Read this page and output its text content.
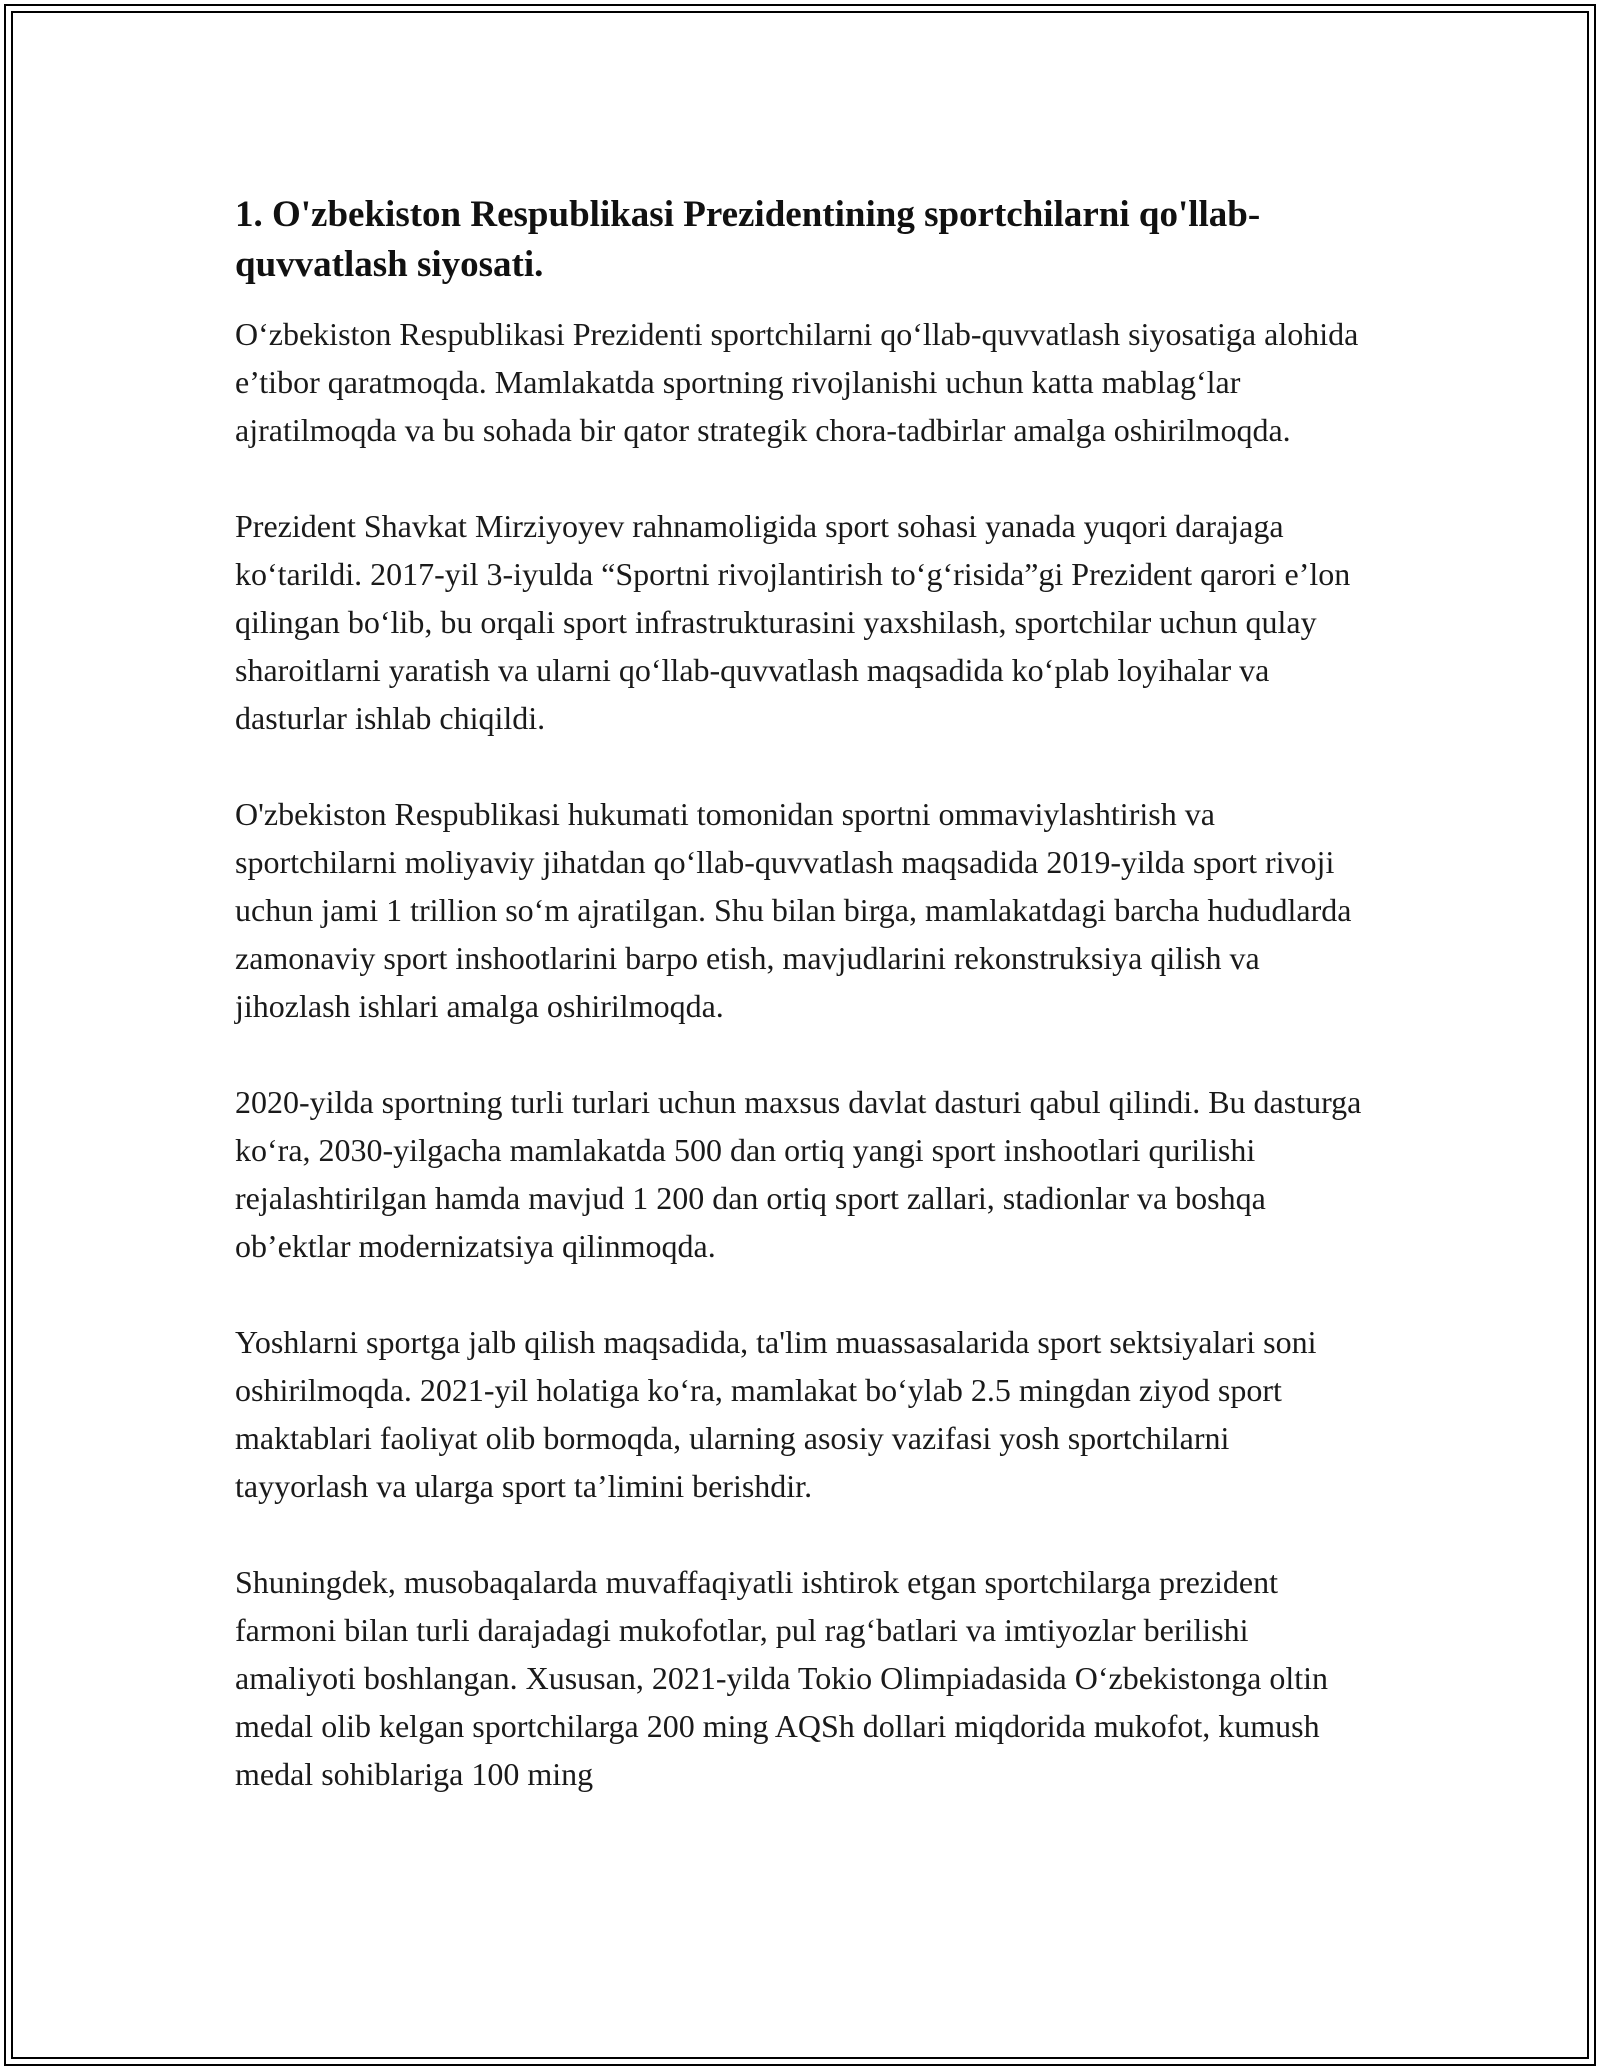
1. O'zbekiston Respublikasi Prezidentining sportchilarni qo'llab-quvvatlash siyosati.

O‘zbekiston Respublikasi Prezidenti sportchilarni qo‘llab-quvvatlash siyosatiga alohida e’tibor qaratmoqda. Mamlakatda sportning rivojlanishi uchun katta mablag‘lar ajratilmoqda va bu sohada bir qator strategik chora-tadbirlar amalga oshirilmoqda.

Prezident Shavkat Mirziyoyev rahnamoligida sport sohasi yanada yuqori darajaga ko‘tarildi. 2017-yil 3-iyulda “Sportni rivojlantirish to‘g‘risida”gi Prezident qarori e’lon qilingan bo‘lib, bu orqali sport infrastrukturasini yaxshilash, sportchilar uchun qulay sharoitlarni yaratish va ularni qo‘llab-quvvatlash maqsadida ko‘plab loyihalar va dasturlar ishlab chiqildi.

O'zbekiston Respublikasi hukumati tomonidan sportni ommaviylashtirish va sportchilarni moliyaviy jihatdan qo‘llab-quvvatlash maqsadida 2019-yilda sport rivoji uchun jami 1 trillion so‘m ajratilgan. Shu bilan birga, mamlakatdagi barcha hududlarda zamonaviy sport inshootlarini barpo etish, mavjudlarini rekonstruksiya qilish va jihozlash ishlari amalga oshirilmoqda.

2020-yilda sportning turli turlari uchun maxsus davlat dasturi qabul qilindi. Bu dasturga ko‘ra, 2030-yilgacha mamlakatda 500 dan ortiq yangi sport inshootlari qurilishi rejalashtirilgan hamda mavjud 1 200 dan ortiq sport zallari, stadionlar va boshqa ob’ektlar modernizatsiya qilinmoqda.

Yoshlarni sportga jalb qilish maqsadida, ta'lim muassasalarida sport sektsiyalari soni oshirilmoqda. 2021-yil holatiga ko‘ra, mamlakat bo‘ylab 2.5 mingdan ziyod sport maktablari faoliyat olib bormoqda, ularning asosiy vazifasi yosh sportchilarni tayyorlash va ularga sport ta’limini berishdir.

Shuningdek, musobaqalarda muvaffaqiyatli ishtirok etgan sportchilarga prezident farmoni bilan turli darajadagi mukofotlar, pul rag‘batlari va imtiyozlar berilishi amaliyoti boshlangan. Xususan, 2021-yilda Tokio Olimpiadasida O‘zbekistonga oltin medal olib kelgan sportchilarga 200 ming AQSh dollari miqdorida mukofot, kumush medal sohiblariga 100 ming
